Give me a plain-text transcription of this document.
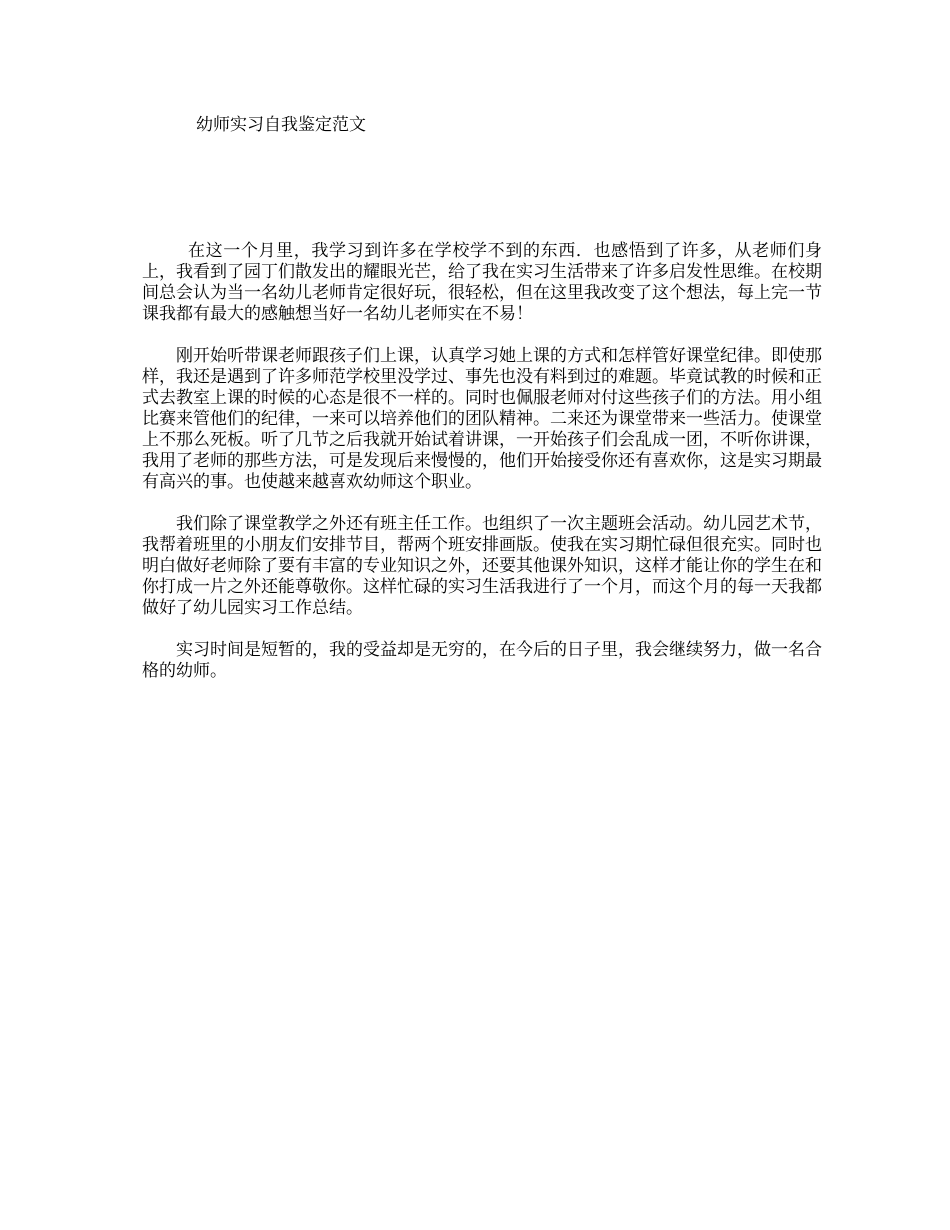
幼师实习自我鉴定范文

在这一个月里，我学习到许多在学校学不到的东西．也感悟到了许多，从老师们身上，我看到了园丁们散发出的耀眼光芒，给了我在实习生活带来了许多启发性思维。在校期间总会认为当一名幼儿老师肯定很好玩，很轻松，但在这里我改变了这个想法，每上完一节课我都有最大的感触想当好一名幼儿老师实在不易！

刚开始听带课老师跟孩子们上课，认真学习她上课的方式和怎样管好课堂纪律。即使那样，我还是遇到了许多师范学校里没学过、事先也没有料到过的难题。毕竟试教的时候和正式去教室上课的时候的心态是很不一样的。同时也佩服老师对付这些孩子们的方法。用小组比赛来管他们的纪律，一来可以培养他们的团队精神。二来还为课堂带来一些活力。使课堂上不那么死板。听了几节之后我就开始试着讲课，一开始孩子们会乱成一团，不听你讲课，我用了老师的那些方法，可是发现后来慢慢的，他们开始接受你还有喜欢你，这是实习期最有高兴的事。也使越来越喜欢幼师这个职业。

我们除了课堂教学之外还有班主任工作。也组织了一次主题班会活动。幼儿园艺术节，我帮着班里的小朋友们安排节目，帮两个班安排画版。使我在实习期忙碌但很充实。同时也明白做好老师除了要有丰富的专业知识之外，还要其他课外知识，这样才能让你的学生在和你打成一片之外还能尊敬你。这样忙碌的实习生活我进行了一个月，而这个月的每一天我都做好了幼儿园实习工作总结。

实习时间是短暂的，我的受益却是无穷的，在今后的日子里，我会继续努力，做一名合格的幼师。
